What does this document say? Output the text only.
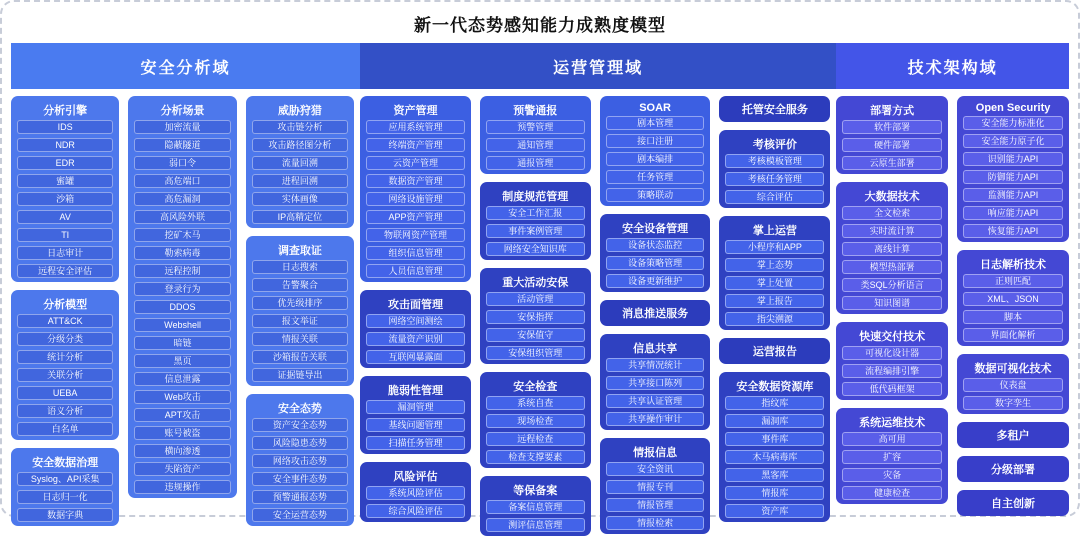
新一代态势感知能力成熟度模型
安全分析域	运营管理域	技术架构域
分析引擎
IDS
NDR
EDR
蜜罐
沙箱
AV
TI
日志审计
远程安全评估
分析模型
ATT&CK
分级分类
统计分析
关联分析
UEBA
语义分析
白名单
安全数据治理
Syslog、API采集
日志归一化
数据字典
分析场景
加密流量
隐蔽隧道
弱口令
高危端口
高危漏洞
高风险外联
挖矿木马
勒索病毒
远程控制
登录行为
DDOS
Webshell
暗链
黑页
信息泄露
Web攻击
APT攻击
账号被盗
横向渗透
失陷资产
违规操作
威胁狩猎
攻击链分析
攻击路径图分析
流量回溯
进程回溯
实体画像
IP高精定位
调查取证
日志搜索
告警聚合
优先级排序
报文举证
情报关联
沙箱报告关联
证据链导出
安全态势
资产安全态势
风险隐患态势
网络攻击态势
安全事件态势
预警通报态势
安全运营态势
资产管理
应用系统管理
终端资产管理
云资产管理
数据资产管理
网络设施管理
APP资产管理
物联网资产管理
组织信息管理
人员信息管理
攻击面管理
网络空间测绘
流量资产识别
互联网暴露面
脆弱性管理
漏洞管理
基线问题管理
扫描任务管理
风险评估
系统风险评估
综合风险评估
预警通报
预警管理
通知管理
通报管理
制度规范管理
安全工作汇报
事件案例管理
网络安全知识库
重大活动安保
活动管理
安保指挥
安保值守
安保组织管理
安全检查
系统自查
现场检查
远程检查
检查支撑要素
等保备案
备案信息管理
测评信息管理
SOAR
剧本管理
接口注册
剧本编排
任务管理
策略联动
安全设备管理
设备状态监控
设备策略管理
设备更新维护
消息推送服务
信息共享
共享情况统计
共享接口陈列
共享认证管理
共享操作审计
情报信息
安全资讯
情报专刊
情报管理
情报检索
托管安全服务
考核评价
考核模板管理
考核任务管理
综合评估
掌上运营
小程序和APP
掌上态势
掌上处置
掌上报告
指尖溯源
运营报告
安全数据资源库
指纹库
漏洞库
事件库
木马病毒库
黑客库
情报库
资产库
部署方式
软件部署
硬件部署
云原生部署
大数据技术
全文检索
实时流计算
离线计算
模型热部署
类SQL分析语言
知识图谱
快速交付技术
可视化设计器
流程编排引擎
低代码框架
系统运维技术
高可用
扩容
灾备
健康检查
Open Security
安全能力标准化
安全能力原子化
识别能力API
防御能力API
监测能力API
响应能力API
恢复能力API
日志解析技术
正则匹配
XML、JSON
脚本
界面化解析
数据可视化技术
仪表盘
数字孪生
多租户
分级部署
自主创新
